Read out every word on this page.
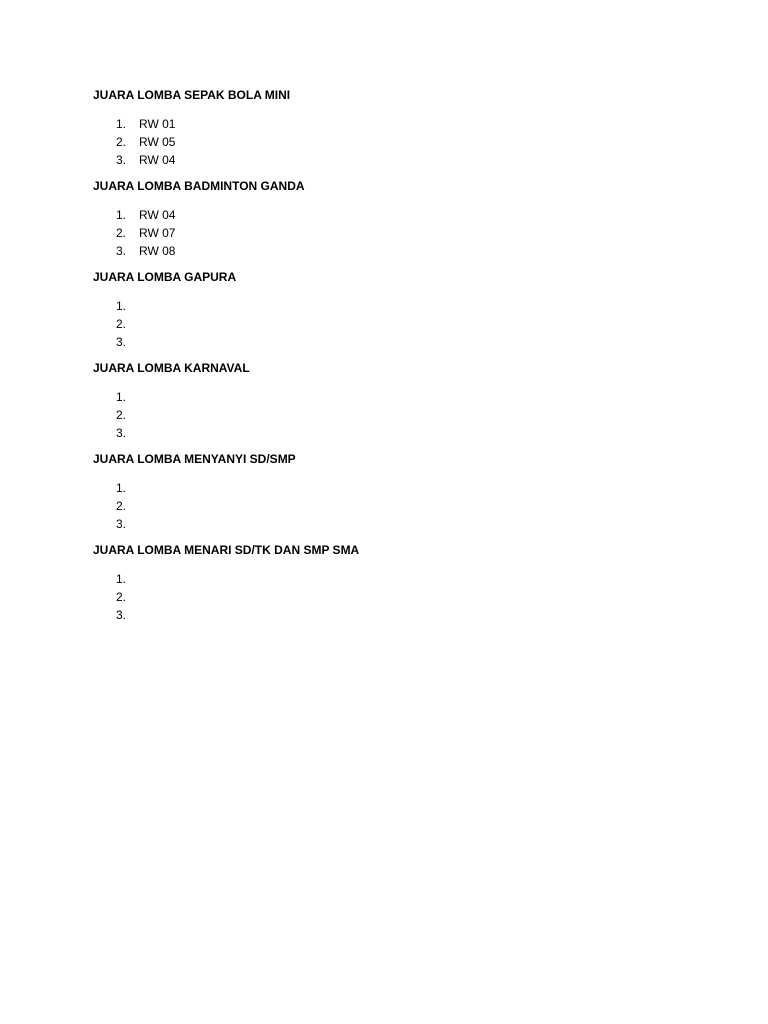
JUARA LOMBA SEPAK BOLA MINI
1.	RW 01
2.	RW 05
3.	RW 04
JUARA LOMBA BADMINTON GANDA
1.	RW 04
2.	RW 07
3.	RW 08
JUARA LOMBA GAPURA
1.
2.
3.
JUARA LOMBA KARNAVAL
1.
2.
3.
JUARA LOMBA MENYANYI SD/SMP
1.
2.
3.
JUARA LOMBA MENARI SD/TK DAN SMP SMA
1.
2.
3.
